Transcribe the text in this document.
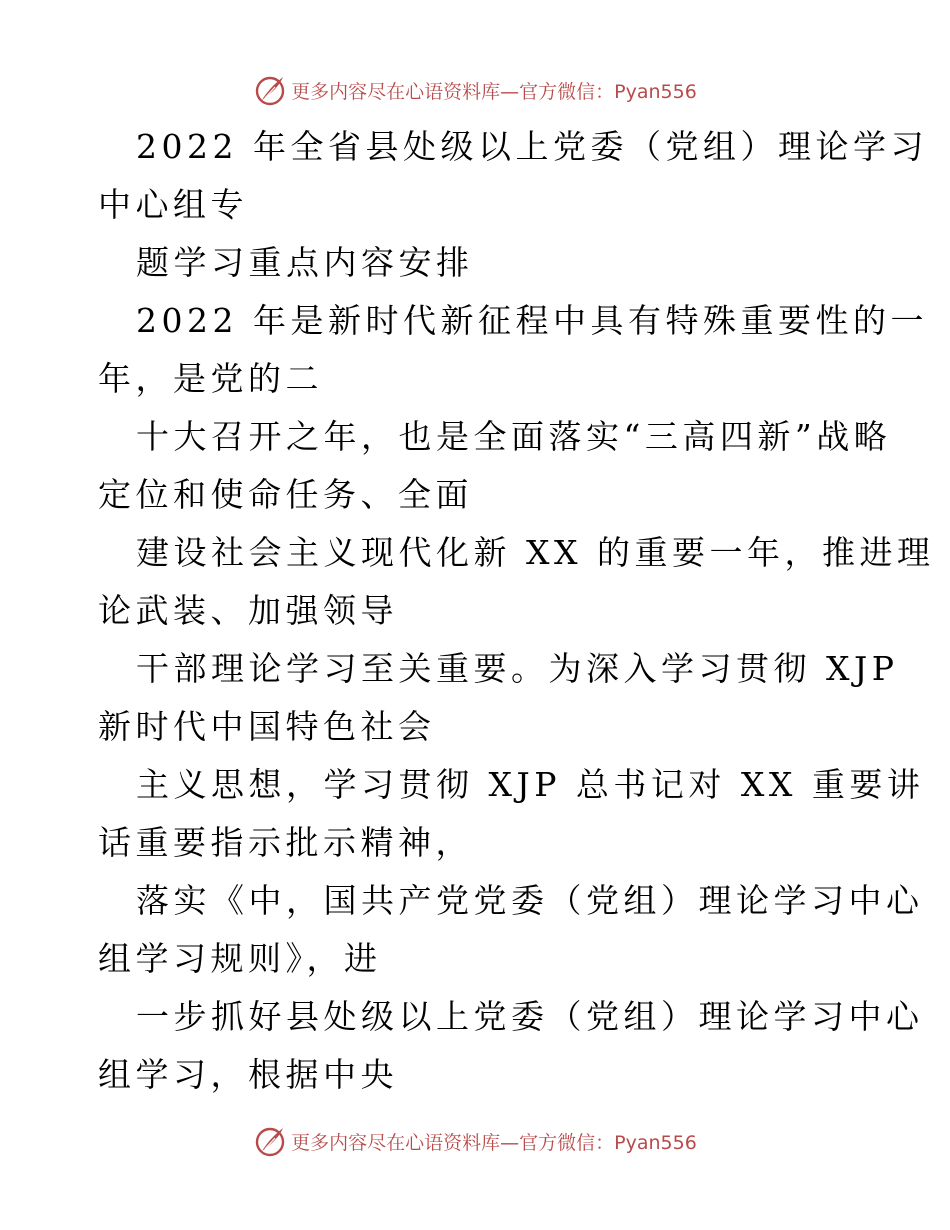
更多内容尽在心语资料库—官方微信：Pyan556
2022 年全省县处级以上党委（党组）理论学习
中心组专
题学习重点内容安排
2022 年是新时代新征程中具有特殊重要性的一
年，是党的二
十大召开之年，也是全面落实“三高四新”战略
定位和使命任务、全面
建设社会主义现代化新 XX 的重要一年，推进理
论武装、加强领导
干部理论学习至关重要。为深入学习贯彻 XJP
新时代中国特色社会
主义思想，学习贯彻 XJP 总书记对 XX 重要讲
话重要指示批示精神，
落实《中，国共产党党委（党组）理论学习中心
组学习规则》，进
一步抓好县处级以上党委（党组）理论学习中心
组学习，根据中央
更多内容尽在心语资料库—官方微信：Pyan556
